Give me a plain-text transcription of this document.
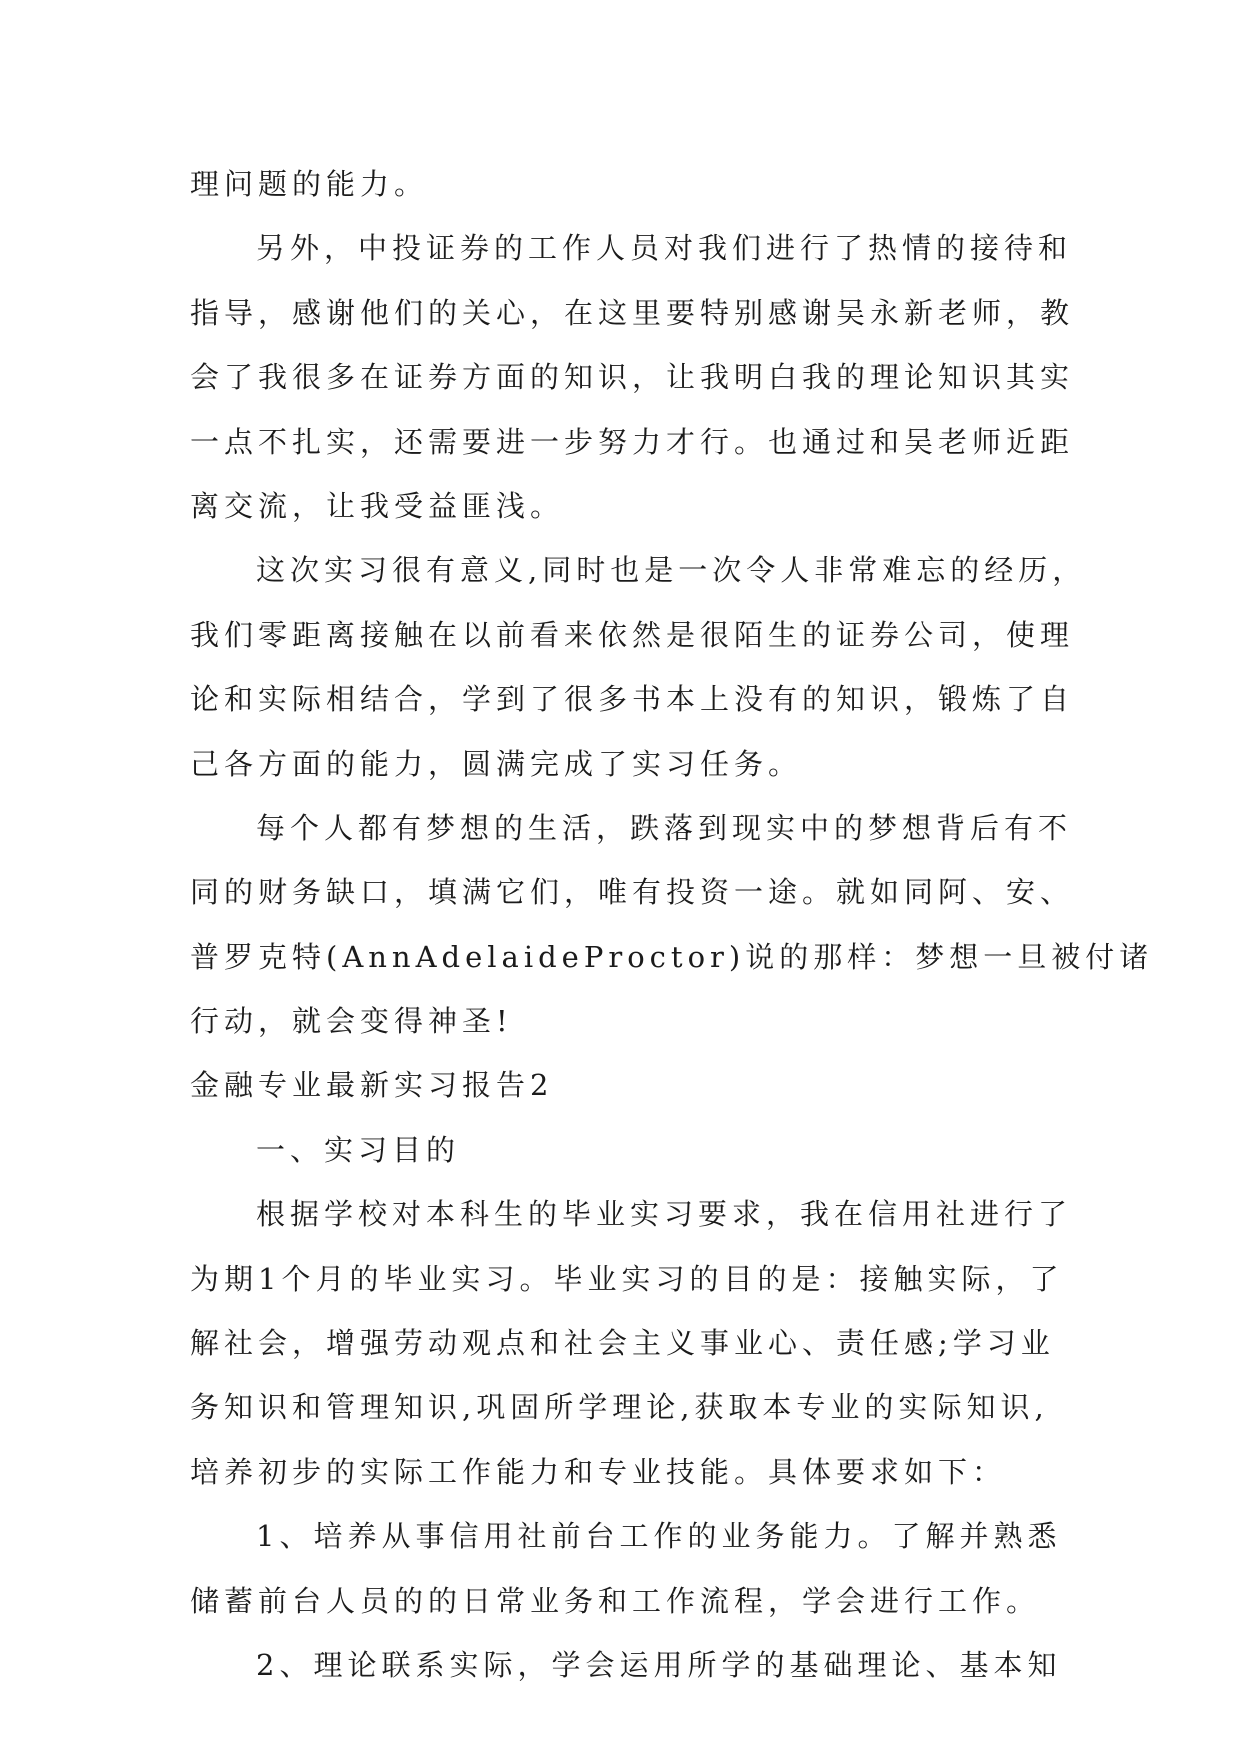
理问题的能力。
另外，中投证券的工作人员对我们进行了热情的接待和
指导，感谢他们的关心，在这里要特别感谢吴永新老师，教
会了我很多在证券方面的知识，让我明白我的理论知识其实
一点不扎实，还需要进一步努力才行。也通过和吴老师近距
离交流，让我受益匪浅。
这次实习很有意义,同时也是一次令人非常难忘的经历，
我们零距离接触在以前看来依然是很陌生的证券公司，使理
论和实际相结合，学到了很多书本上没有的知识，锻炼了自
己各方面的能力，圆满完成了实习任务。
每个人都有梦想的生活，跌落到现实中的梦想背后有不
同的财务缺口，填满它们，唯有投资一途。就如同阿、安、
普罗克特(AnnAdelaideProctor)说的那样：梦想一旦被付诸
行动，就会变得神圣!
金融专业最新实习报告2
一、实习目的
根据学校对本科生的毕业实习要求，我在信用社进行了
为期1个月的毕业实习。毕业实习的目的是：接触实际，了
解社会，增强劳动观点和社会主义事业心、责任感;学习业
务知识和管理知识,巩固所学理论,获取本专业的实际知识,
培养初步的实际工作能力和专业技能。具体要求如下：
1、培养从事信用社前台工作的业务能力。了解并熟悉
储蓄前台人员的的日常业务和工作流程，学会进行工作。
2、理论联系实际，学会运用所学的基础理论、基本知
